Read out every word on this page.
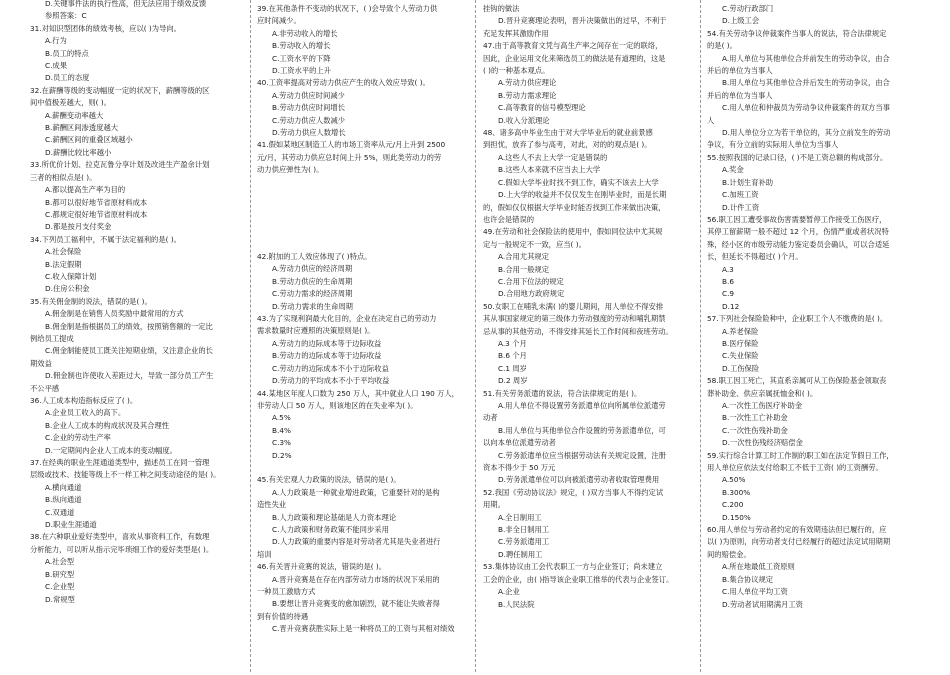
D.关键事件法的执行性高，但无法应用于绩效反馈
参照答案：C
31.对知识型团体的绩效考核，应以( )为导向。
A.行为
B.员工的特点
C.成果
D.员工的态度
32.在薪酬等级的变动幅度一定的状况下，薪酬等级的区
间中值极差越大，则( )。
A.薪酬变动率越大
B.薪酬区间渗透度越大
C.薪酬区间的重叠区域越小
D.薪酬比较比率越小
33.所优价计划、拉克瓦鲁分享计划及改进生产盈余计划
三者的相似点是( )。
A.都以提高生产率为目的
B.都可以很好地节省原材料成本
C.都规定很好地节省原材料成本
D.都是按月支付奖金
34.下列员工福利中，不属于法定福利的是( )。
A.社会保险
B.法定假期
C.收入保障计划
D.住房公积金
35.有关佣金制的说法，错误的是( )。
A.佣金制是在销售人员奖励中最常用的方式
B.佣金制是指根据员工的绩效，按照销售额的一定比
例给员工提成
C.佣金制能使员工既关注短期业绩，又注意企业的长
期效益
D.佣金制也许使收入差距过大，导致一部分员工产生
不公平感
36.人工成本构造指标反应了( )。
A.企业员工收入的高下。
B.企业人工成本的构成状况及其合理性
C.企业的劳动生产率
D.一定期间内企业人工成本的变动幅度。
37.在经典的职业生涯通道类型中，描述员工在同一管理
层级或技术、技能等级上不一样工种之间变动途径的是( )。
A.横向通道
B.纵向通道
C.双通道
D.职业生涯通道
38.在六种职业爱好类型中，喜欢从事资料工作，有数理
分析能力，可以听从指示完毕琐细工作的爱好类型是( )。
A.社会型
B.研究型
C.企业型
D.常规型
39.在其他条件不变动的状况下，( )会导致个人劳动力供
应时间减少。
A.非劳动收入的增长
B.劳动收入的增长
C.工资水平的下降
D.工资水平的上升
40.工资率提高对劳动力供应产生的收入效应导致( )。
A.劳动力供应时间减少
B.劳动力供应时间增长
C.劳动力供应人数减少
D.劳动力供应人数增长
41.假如某地区制造工人的市场工资率从元/月上升到 2500
元/月，其劳动力供应总时间上升 5%，则此类劳动力的劳
动力供应弹性为( )。
42.附加的工人效应体现了( )特点。
A.劳动力供应的经济周期
B.劳动力供应的生命周期
C.劳动力需求的经济周期
D.劳动力需求的生命周期
43.为了实现利润最大化目的，企业在决定自己的劳动力
需求数量时应遵照的决策原则是( )。
A.劳动力的边际成本等于边际收益
B.劳动力的边际成本等于边际收益
C.劳动力的边际成本不小于边际收益
D.劳动力的平均成本不小于平均收益
44.某地区年度人口数为 250 万人，其中就业人口 190 万人，
非劳动人口 50 万人，则该地区的在失业率为( )。
A.5%
B.4%
C.3%
D.2%
45.有关宏观人力政策的说法，错误的是( )。
A.人力政策是一种就业增进政策，它重要针对的是构
造性失业
B.人力政策和理论基础是人力资本理论
C.人力政策和财务政策不能同步采用
D.人力政策的重要内容是对劳动者尤其是失业者进行
培训
46.有关晋升竞赛的说法，错误的是( )。
A.晋升竞赛是在存在内部劳动力市场的状况下采用的
一种员工激励方式
B.要想让晋升竞赛变的愈加剧烈，就不能让失败者得
到有价值的待遇
C.晋升竞赛获胜实际上是一种将员工的工资与其相对绩效
挂钩的做法
D.晋升竞赛理论表明，晋升决策做出的过早，不利于
充足发挥其激励作用
47.由于高等教育文凭与高生产率之间存在一定的联络，
因此，企业运用文化来筛选员工的做法是有道理的，这是
( )的一种基本观点。
A.劳动力供应理论
B.劳动力需求理论
C.高等教育的信号模型理论
D.收入分派理论
48、诸多高中毕业生由于对大学毕业后的就业前景感
到担忧，放弃了参与高考，对此，对的的观点是( )。
A.这些人不去上大学一定是错误的
B.这些人本来就不应当去上大学
C.假如大学毕业时找不到工作，确实不该去上大学
D.上大学的收益并不仅仅发生在刚毕业时，而是长期
的，假如仅仅根据大学毕业时能否找到工作来做出决策，
也许会是错误的
49.在劳动和社会保险法的使用中，假如同位法中尤其规
定与一般规定不一致，应当( )。
A.合用尤其规定
B.合用一般规定
C.合用下位法的规定
D.合用地方政府规定
50.女职工在哺乳未满( )的婴儿期间，用人单位不得安排
其从事国家规定的第三级体力劳动强度的劳动和哺乳期禁
忌从事的其他劳动，不得安排其延长工作时间和夜班劳动。
A.3 个月
B.6 个月
C.1 周岁
D.2 周岁
51.有关劳务派遣的说法，符合法律规定的是( )。
A.用人单位不得设置劳务派遣单位向所属单位派遣劳
动者
B.用人单位与其他单位合作设置的劳务派遣单位，可
以向本单位派遣劳动者
C.劳务派遣单位应当根据劳动法有关规定设置，注册
资本不得少于 50 万元
D.劳务派遣单位可以向被派遣劳动者收取管理费用
52.我国《劳动协议法》规定，( )双方当事人不得约定试
用期。
A.全日制用工
B.非全日制用工
C.劳务派遣用工
D.聘任制用工
53.集体协议由工会代表职工一方与企业签订；尚未建立
工会的企业，由( )指导该企业职工推举的代表与企业签订。
A.企业
B.人民法院
C.劳动行政部门
D.上级工会
54.有关劳动争议仲裁案件当事人的说法，符合法律规定
的是( )。
A.用人单位与其他单位合并前发生的劳动争议，由合
并后的单位为当事人
B.用人单位与其他单位合并后发生的劳动争议，由合
并后的单位为当事人
C.用人单位和仲裁员为劳动争议仲裁案件的双方当事
人
D.用人单位分立为若干单位的，其分立前发生的劳动
争议，有分立前的实际用人单位为当事人
55.按照我国的记录口径，( )不是工资总额的构成部分。
A.奖金
B.计划生育补助
C.加班工资
D.计件工资
56.职工因工遭受事故伤害需要暂停工作接受工伤医疗，
其停工留薪期一般不超过 12 个月，伤情严重或者状况特
殊，经小区的市级劳动能力鉴定委员会确认，可以合适延
长，但延长不得超过( )个月。
A.3
B.6
C.9
D.12
57.下列社会保险险种中，企业职工个人不缴费的是( )。
A.养老保险
B.医疗保险
C.失业保险
D.工伤保险
58.职工因工死亡，其直系亲属可从工伤保险基金领取丧
葬补助金、供应亲属抚恤金和( )。
A.一次性工伤医疗补助金
B.一次性工亡补助金
C.一次性伤残补助金
D.一次性伤残经济赔偿金
59.实行综合计算工时工作制的职工如在法定节假日工作，
用人单位应依法支付给职工不低于工资( )的工资酬劳。
A.50%
B.300%
C.200
D.150%
60.用人单位与劳动者约定的有效期违法但已履行的，应
以( )为原则，向劳动者支付已经履行的超过法定试用期期
间的赔偿金。
A.所在地最低工资原则
B.集合协议规定
C.用人单位平均工资
D.劳动者试用期满月工资
